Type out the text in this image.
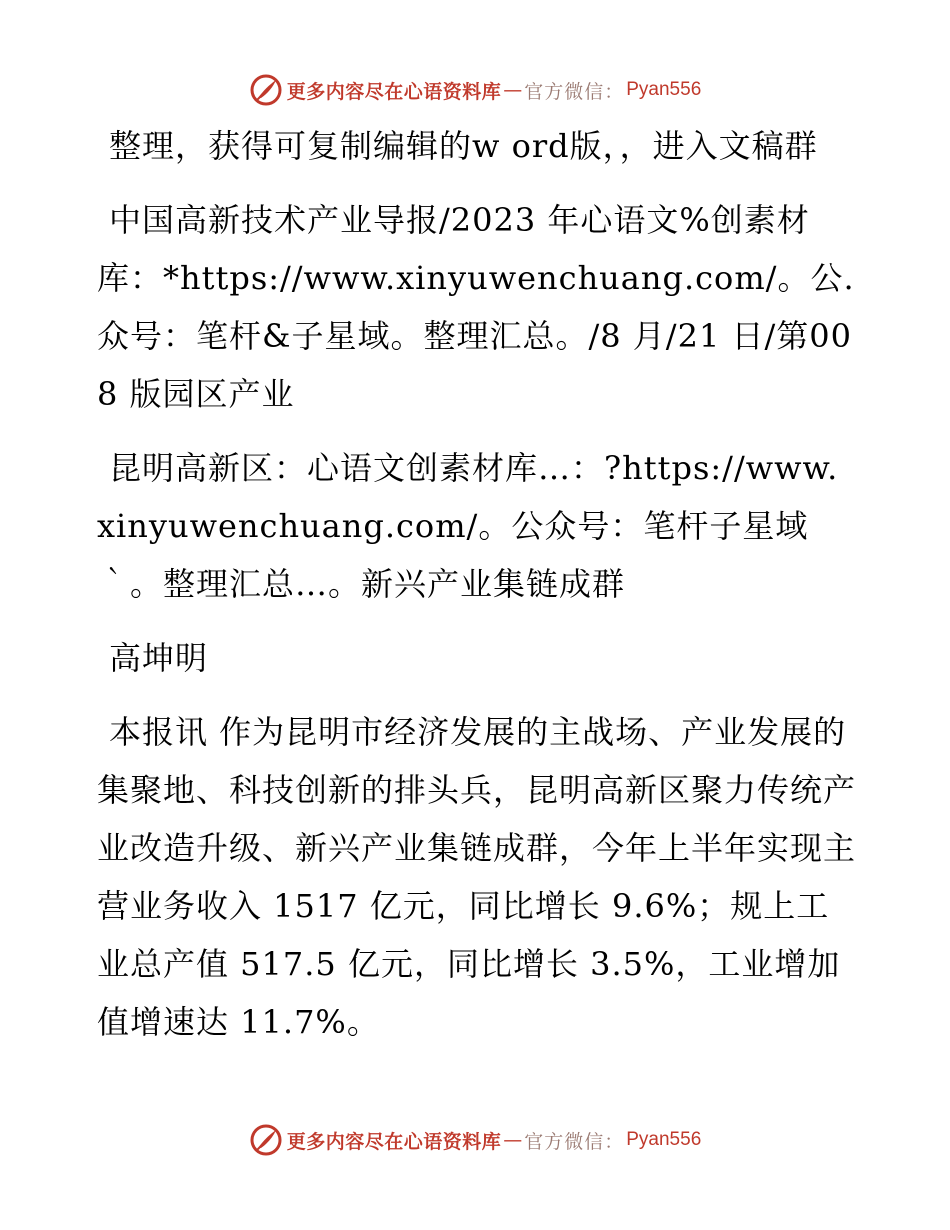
更多内容尽在心语资料库 — 官方微信： Pyan556

整理，获得可复制编辑的w ord版，，进入文稿群

中国高新技术产业导报/2023 年心语文%创素材库：*https://www.xinyuwenchuang.com/。公.众号：笔杆&子星域。整理汇总。/8 月/21 日/第008 版园区产业

昆明高新区：心语文创素材库…：?https://www.xinyuwenchuang.com/。公众号：笔杆子星域｀。整理汇总…。新兴产业集链成群

高坤明

本报讯 作为昆明市经济发展的主战场、产业发展的集聚地、科技创新的排头兵，昆明高新区聚力传统产业改造升级、新兴产业集链成群，今年上半年实现主营业务收入 1517 亿元，同比增长 9.6%；规上工业总产值 517.5 亿元，同比增长 3.5%，工业增加值增速达 11.7%。

更多内容尽在心语资料库 — 官方微信： Pyan556
